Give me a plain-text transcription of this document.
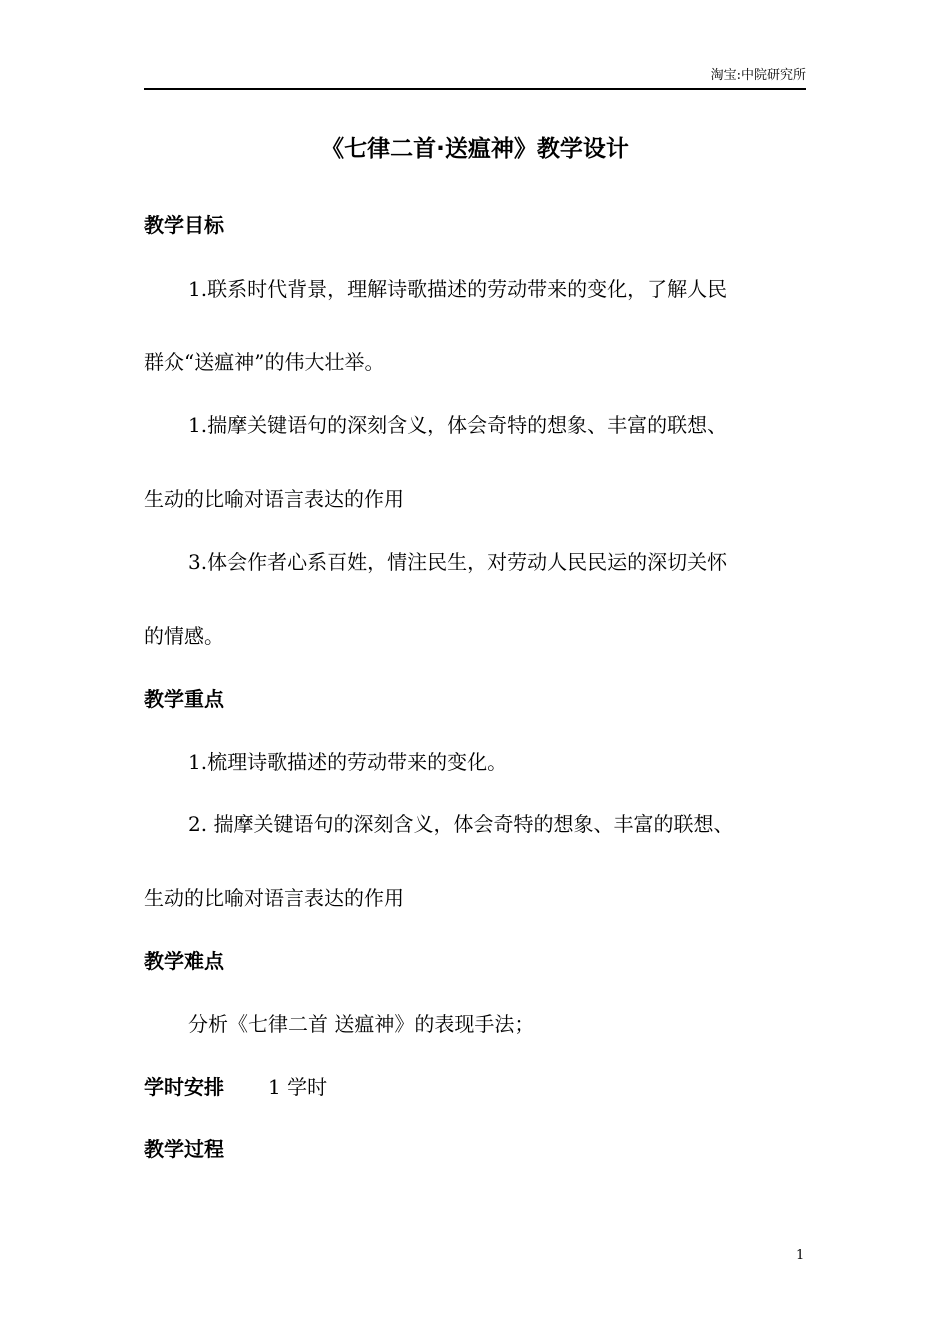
淘宝:中院研究所
《七律二首·送瘟神》教学设计
教学目标
1.联系时代背景，理解诗歌描述的劳动带来的变化，了解人民
群众“送瘟神”的伟大壮举。
1.揣摩关键语句的深刻含义，体会奇特的想象、丰富的联想、
生动的比喻对语言表达的作用
3.体会作者心系百姓，情注民生，对劳动人民民运的深切关怀
的情感。
教学重点
1.梳理诗歌描述的劳动带来的变化。
2. 揣摩关键语句的深刻含义，体会奇特的想象、丰富的联想、
生动的比喻对语言表达的作用
教学难点
分析《七律二首 送瘟神》的表现手法；
学时安排 1 学时
教学过程
1
